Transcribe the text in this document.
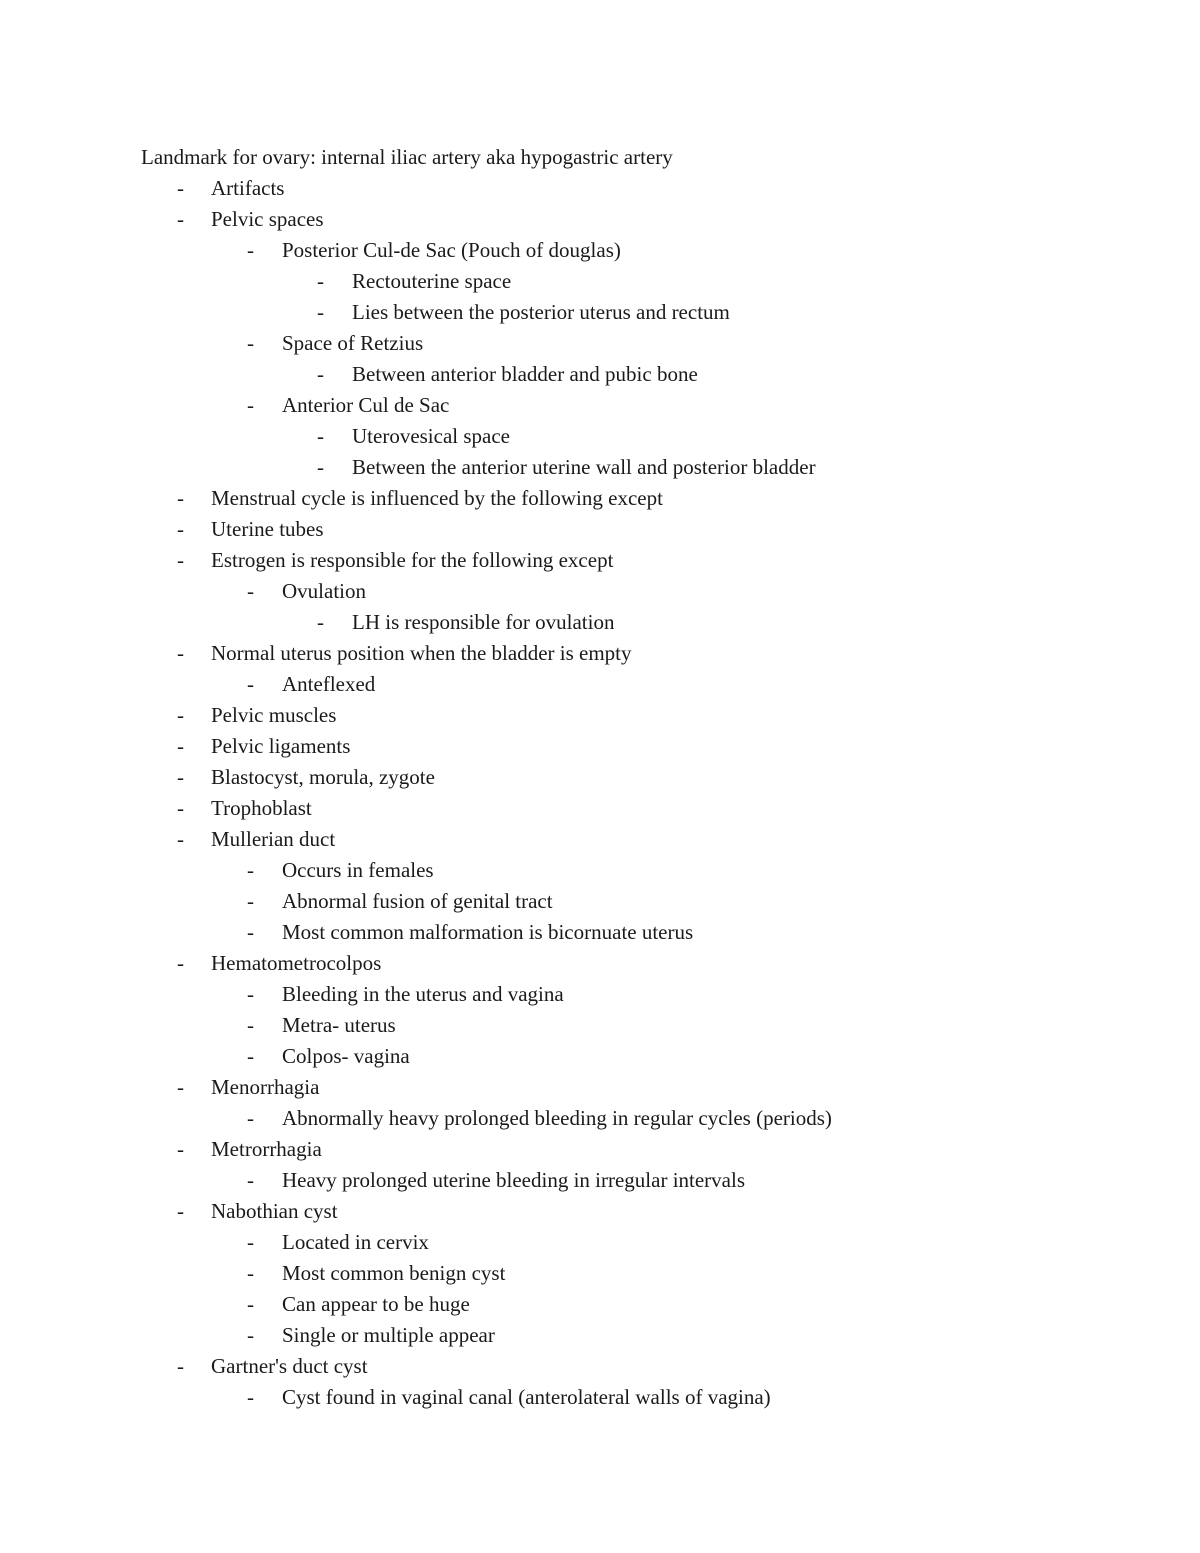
Landmark for ovary: internal iliac artery aka hypogastric artery
- Artifacts
- Pelvic spaces
- Posterior Cul-de Sac (Pouch of douglas)
- Rectouterine space
- Lies between the posterior uterus and rectum
- Space of Retzius
- Between anterior bladder and pubic bone
- Anterior Cul de Sac
- Uterovesical space
- Between the anterior uterine wall and posterior bladder
- Menstrual cycle is influenced by the following except
- Uterine tubes
- Estrogen is responsible for the following except
- Ovulation
- LH is responsible for ovulation
- Normal uterus position when the bladder is empty
- Anteflexed
- Pelvic muscles
- Pelvic ligaments
- Blastocyst, morula, zygote
- Trophoblast
- Mullerian duct
- Occurs in females
- Abnormal fusion of genital tract
- Most common malformation is bicornuate uterus
- Hematometrocolpos
- Bleeding in the uterus and vagina
- Metra- uterus
- Colpos- vagina
- Menorrhagia
- Abnormally heavy prolonged bleeding in regular cycles (periods)
- Metrorrhagia
- Heavy prolonged uterine bleeding in irregular intervals
- Nabothian cyst
- Located in cervix
- Most common benign cyst
- Can appear to be huge
- Single or multiple appear
- Gartner's duct cyst
- Cyst found in vaginal canal (anterolateral walls of vagina)
